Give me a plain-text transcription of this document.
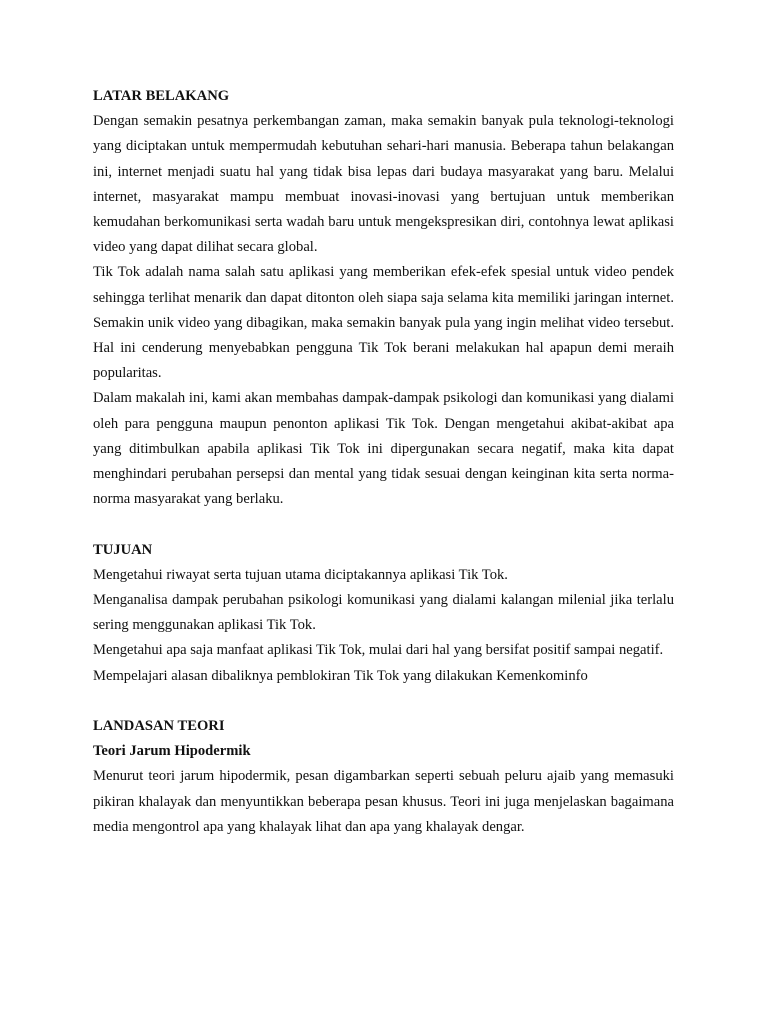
LATAR BELAKANG

Dengan semakin pesatnya perkembangan zaman, maka semakin banyak pula teknologi-teknologi yang diciptakan untuk mempermudah kebutuhan sehari-hari manusia. Beberapa tahun belakangan ini, internet menjadi suatu hal yang tidak bisa lepas dari budaya masyarakat yang baru. Melalui internet, masyarakat mampu membuat inovasi-inovasi yang bertujuan untuk memberikan kemudahan berkomunikasi serta wadah baru untuk mengekspresikan diri, contohnya lewat aplikasi video yang dapat dilihat secara global.

Tik Tok adalah nama salah satu aplikasi yang memberikan efek-efek spesial untuk video pendek sehingga terlihat menarik dan dapat ditonton oleh siapa saja selama kita memiliki jaringan internet. Semakin unik video yang dibagikan, maka semakin banyak pula yang ingin melihat video tersebut. Hal ini cenderung menyebabkan pengguna Tik Tok berani melakukan hal apapun demi meraih popularitas.

Dalam makalah ini, kami akan membahas dampak-dampak psikologi dan komunikasi yang dialami oleh para pengguna maupun penonton aplikasi Tik Tok. Dengan mengetahui akibat-akibat apa yang ditimbulkan apabila aplikasi Tik Tok ini dipergunakan secara negatif, maka kita dapat menghindari perubahan persepsi dan mental yang tidak sesuai dengan keinginan kita serta norma-norma masyarakat yang berlaku.

TUJUAN

Mengetahui riwayat serta tujuan utama diciptakannya aplikasi Tik Tok.

Menganalisa dampak perubahan psikologi komunikasi yang dialami kalangan milenial jika terlalu sering menggunakan aplikasi Tik Tok.

Mengetahui apa saja manfaat aplikasi Tik Tok, mulai dari hal yang bersifat positif sampai negatif.

Mempelajari alasan dibaliknya pemblokiran Tik Tok yang dilakukan Kemenkominfo

LANDASAN TEORI

Teori Jarum Hipodermik

Menurut teori jarum hipodermik, pesan digambarkan seperti sebuah peluru ajaib yang memasuki pikiran khalayak dan menyuntikkan beberapa pesan khusus. Teori ini juga menjelaskan bagaimana media mengontrol apa yang khalayak lihat dan apa yang khalayak dengar.
